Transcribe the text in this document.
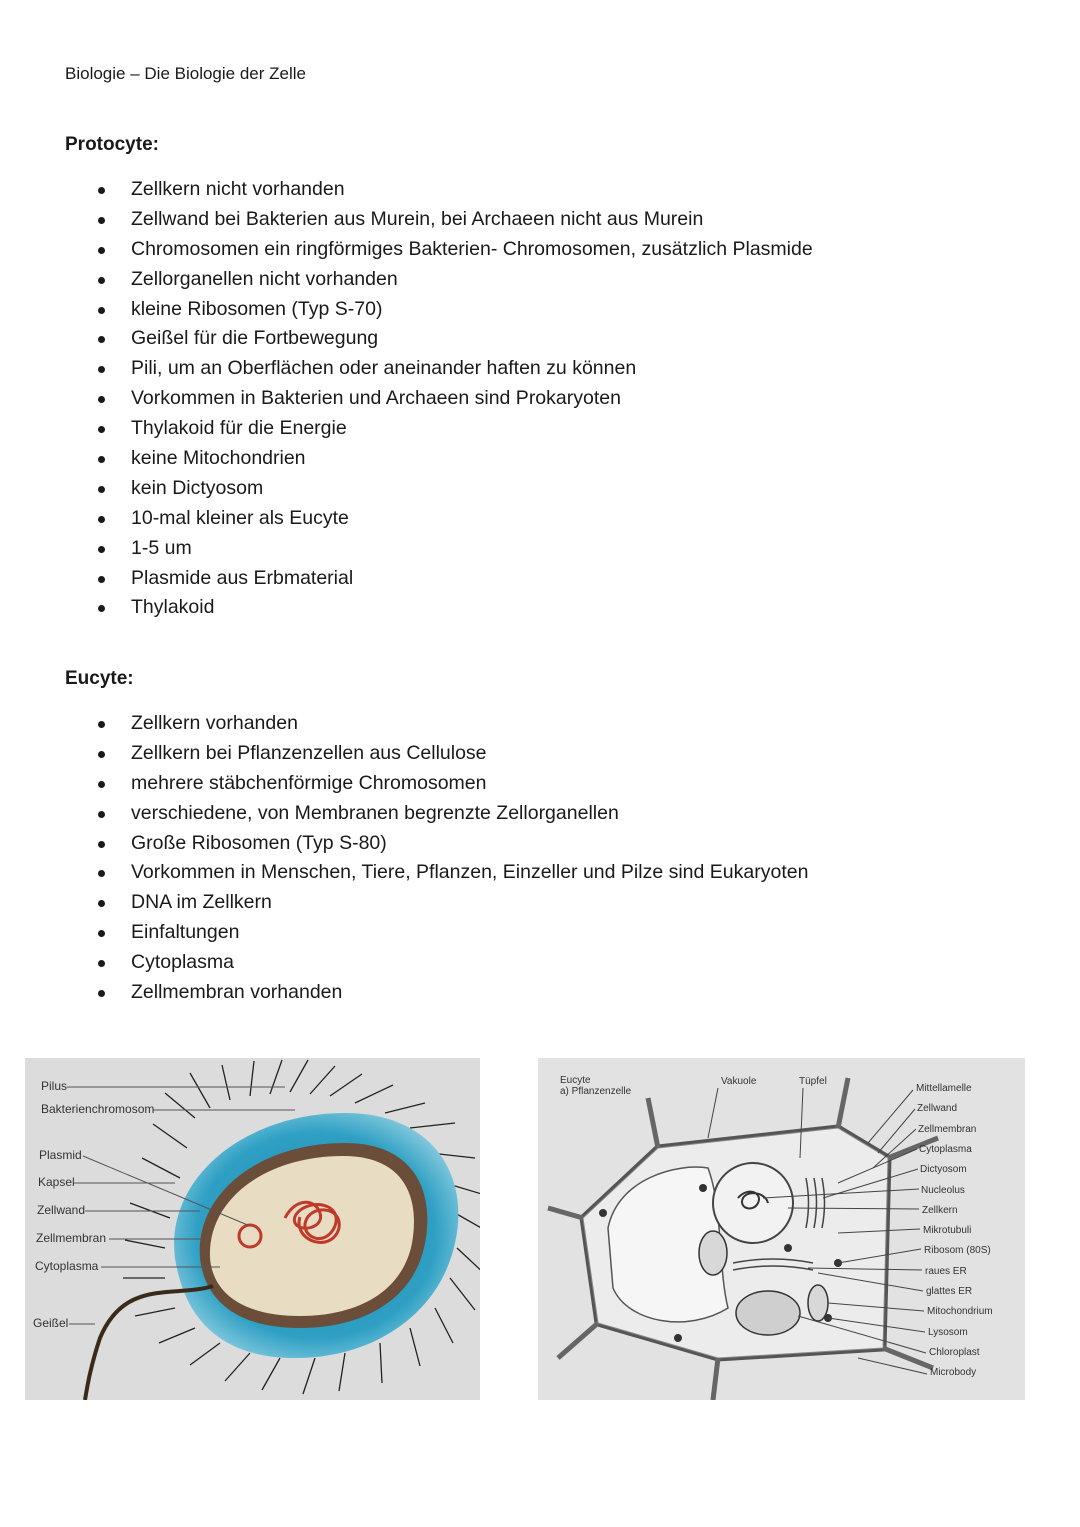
Biologie – Die Biologie der Zelle
Protocyte:
Zellkern nicht vorhanden
Zellwand bei Bakterien aus Murein, bei Archaeen nicht aus Murein
Chromosomen ein ringförmiges Bakterien- Chromosomen, zusätzlich Plasmide
Zellorganellen nicht vorhanden
kleine Ribosomen (Typ S-70)
Geißel für die Fortbewegung
Pili, um an Oberflächen oder aneinander haften zu können
Vorkommen in Bakterien und Archaeen sind Prokaryoten
Thylakoid für die Energie
keine Mitochondrien
kein Dictyosom
10-mal kleiner als Eucyte
1-5 um
Plasmide aus Erbmaterial
Thylakoid
Eucyte:
Zellkern vorhanden
Zellkern bei Pflanzenzellen aus Cellulose
mehrere stäbchenförmige Chromosomen
verschiedene, von Membranen begrenzte Zellorganellen
Große Ribosomen (Typ S-80)
Vorkommen in Menschen, Tiere, Pflanzen, Einzeller und Pilze sind Eukaryoten
DNA im Zellkern
Einfaltungen
Cytoplasma
Zellmembran vorhanden
Pilus
Bakterienchromosom
Plasmid
Kapsel
Zellwand
Zellmembran
Cytoplasma
Geißel
Eucyte
a) Pflanzenzelle
Vakuole	Tüpfel
Mittellamelle
Zellwand
Zellmembran
Cytoplasma
Dictyosom
Nucleolus
Zellkern
Mikrotubuli
Ribosom (80S)
raues ER
glattes ER
Mitochondrium
Lysosom
Chloroplast
Microbody
